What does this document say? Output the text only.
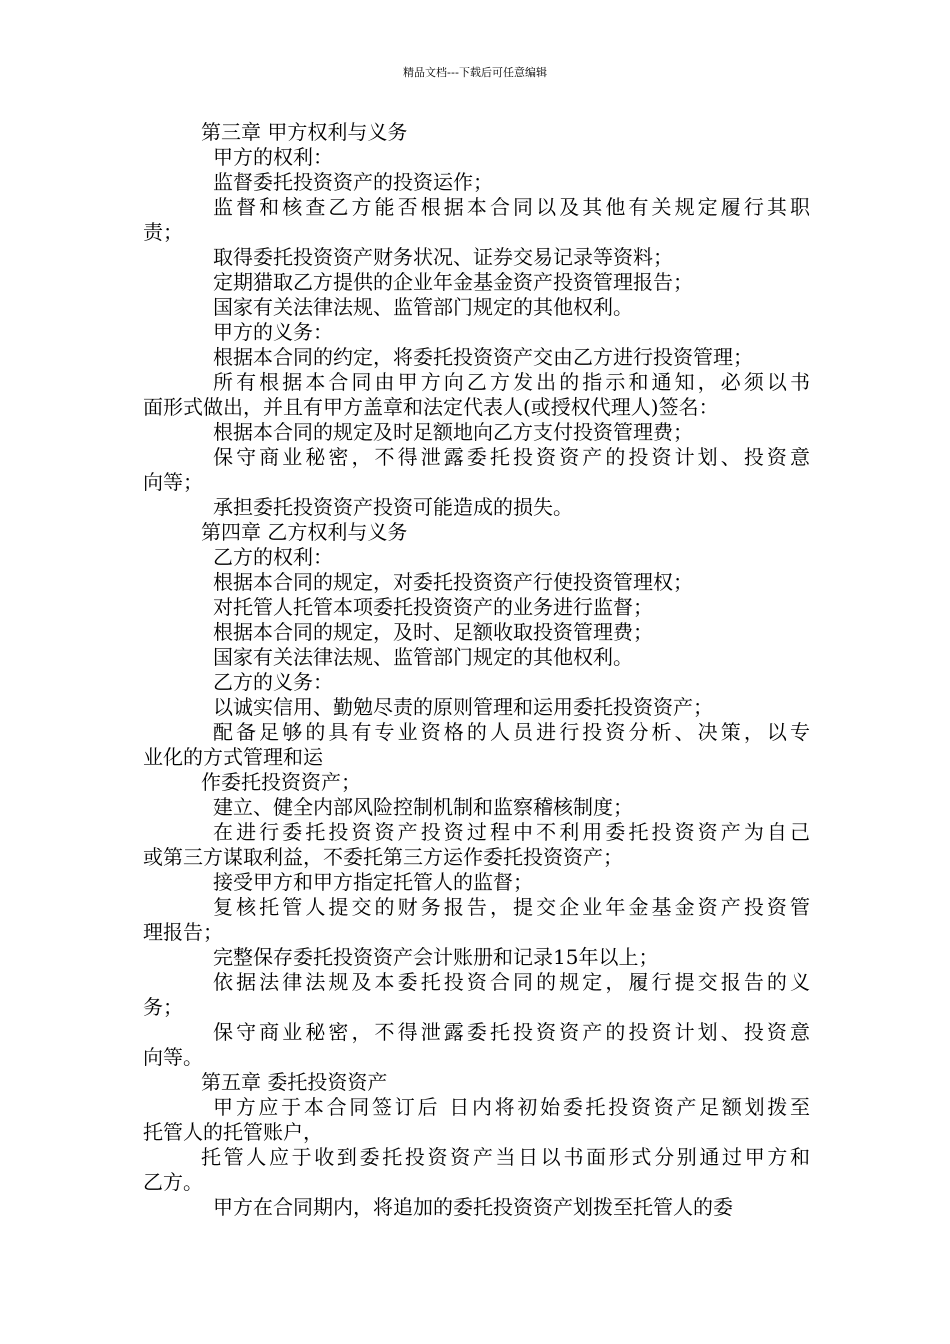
精品文档---下载后可任意编辑
第三章 甲方权利与义务
甲方的权利：
监督委托投资资产的投资运作；
监督和核查乙方能否根据本合同以及其他有关规定履行其职
责；
取得委托投资资产财务状况、证券交易记录等资料；
定期猎取乙方提供的企业年金基金资产投资管理报告；
国家有关法律法规、监管部门规定的其他权利。
甲方的义务：
根据本合同的约定，将委托投资资产交由乙方进行投资管理；
所有根据本合同由甲方向乙方发出的指示和通知，必须以书
面形式做出，并且有甲方盖章和法定代表人(或授权代理人)签名：
根据本合同的规定及时足额地向乙方支付投资管理费；
保守商业秘密，不得泄露委托投资资产的投资计划、投资意
向等；
承担委托投资资产投资可能造成的损失。
第四章 乙方权利与义务
乙方的权利：
根据本合同的规定，对委托投资资产行使投资管理权；
对托管人托管本项委托投资资产的业务进行监督；
根据本合同的规定，及时、足额收取投资管理费；
国家有关法律法规、监管部门规定的其他权利。
乙方的义务：
以诚实信用、勤勉尽责的原则管理和运用委托投资资产；
配备足够的具有专业资格的人员进行投资分析、决策，以专
业化的方式管理和运
作委托投资资产；
建立、健全内部风险控制机制和监察稽核制度；
在进行委托投资资产投资过程中不利用委托投资资产为自己
或第三方谋取利益，不委托第三方运作委托投资资产；
接受甲方和甲方指定托管人的监督；
复核托管人提交的财务报告，提交企业年金基金资产投资管
理报告；
完整保存委托投资资产会计账册和记录15年以上；
依据法律法规及本委托投资合同的规定，履行提交报告的义
务；
保守商业秘密，不得泄露委托投资资产的投资计划、投资意
向等。
第五章 委托投资资产
甲方应于本合同签订后 日内将初始委托投资资产足额划拨至
托管人的托管账户，
托管人应于收到委托投资资产当日以书面形式分别通过甲方和
乙方。
甲方在合同期内，将追加的委托投资资产划拨至托管人的委
